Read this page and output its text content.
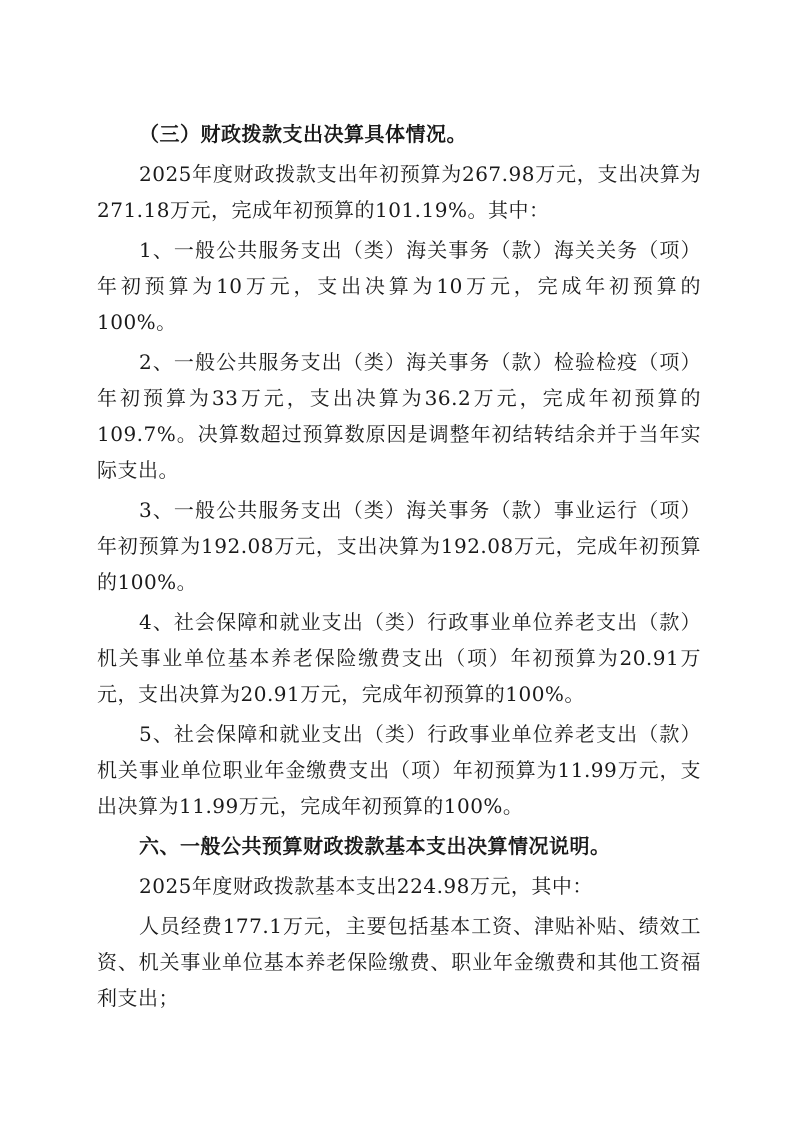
（三）财政拨款支出决算具体情况。

2025年度财政拨款支出年初预算为267.98万元，支出决算为271.18万元，完成年初预算的101.19%。其中：

1、一般公共服务支出（类）海关事务（款）海关关务（项）年初预算为10万元，支出决算为10万元，完成年初预算的100%。

2、一般公共服务支出（类）海关事务（款）检验检疫（项）年初预算为33万元，支出决算为36.2万元，完成年初预算的109.7%。决算数超过预算数原因是调整年初结转结余并于当年实际支出。

3、一般公共服务支出（类）海关事务（款）事业运行（项）年初预算为192.08万元，支出决算为192.08万元，完成年初预算的100%。

4、社会保障和就业支出（类）行政事业单位养老支出（款）机关事业单位基本养老保险缴费支出（项）年初预算为20.91万元，支出决算为20.91万元，完成年初预算的100%。

5、社会保障和就业支出（类）行政事业单位养老支出（款）机关事业单位职业年金缴费支出（项）年初预算为11.99万元，支出决算为11.99万元，完成年初预算的100%。

六、一般公共预算财政拨款基本支出决算情况说明。

2025年度财政拨款基本支出224.98万元，其中：

人员经费177.1万元，主要包括基本工资、津贴补贴、绩效工资、机关事业单位基本养老保险缴费、职业年金缴费和其他工资福利支出；
